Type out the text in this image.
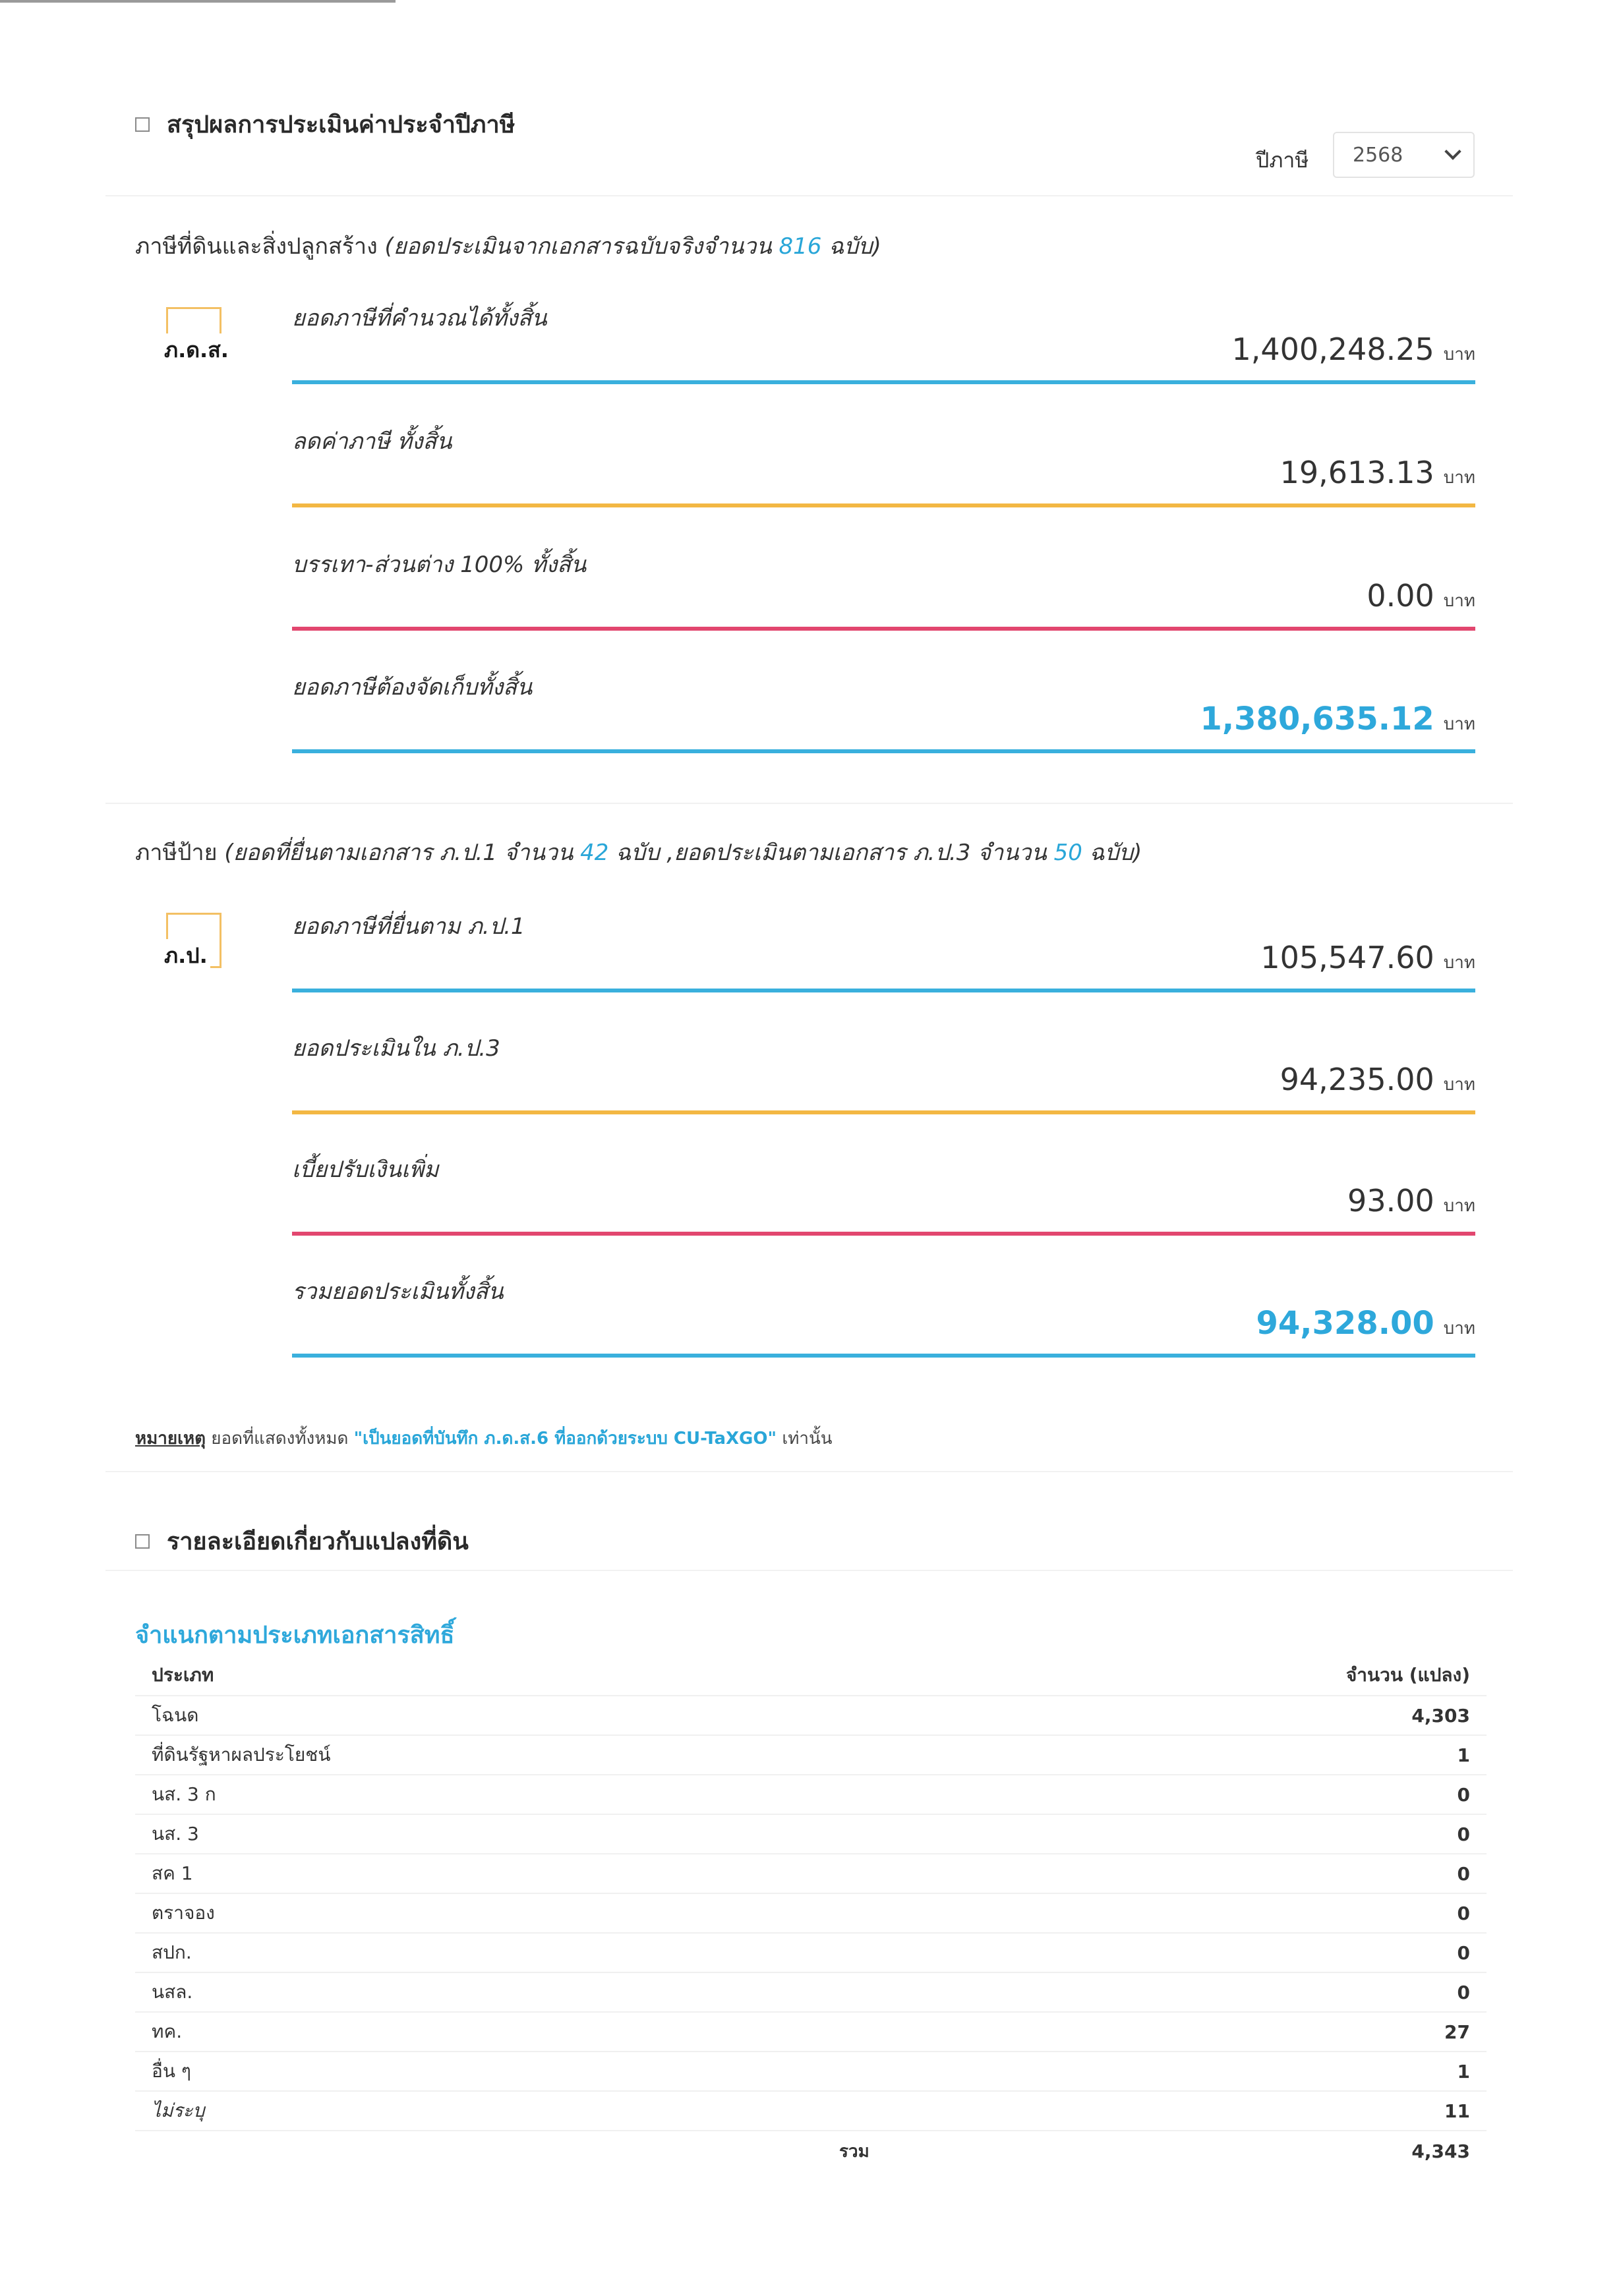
สรุปผลการประเมินค่าประจำปีภาษี
ปีภาษี 2568
ภาษีที่ดินและสิ่งปลูกสร้าง (ยอดประเมินจากเอกสารฉบับจริงจำนวน 816 ฉบับ)
ภ.ด.ส.
ยอดภาษีที่คำนวณได้ทั้งสิ้น
1,400,248.25 บาท
ลดค่าภาษี ทั้งสิ้น
19,613.13 บาท
บรรเทา-ส่วนต่าง 100% ทั้งสิ้น
0.00 บาท
ยอดภาษีต้องจัดเก็บทั้งสิ้น
1,380,635.12 บาท
ภาษีป้าย (ยอดที่ยื่นตามเอกสาร ภ.ป.1 จำนวน 42 ฉบับ ,ยอดประเมินตามเอกสาร ภ.ป.3 จำนวน 50 ฉบับ)
ภ.ป.
ยอดภาษีที่ยื่นตาม ภ.ป.1
105,547.60 บาท
ยอดประเมินใน ภ.ป.3
94,235.00 บาท
เบี้ยปรับเงินเพิ่ม
93.00 บาท
รวมยอดประเมินทั้งสิ้น
94,328.00 บาท
หมายเหตุ ยอดที่แสดงทั้งหมด "เป็นยอดที่บันทึก ภ.ด.ส.6 ที่ออกด้วยระบบ CU-TaXGO" เท่านั้น
รายละเอียดเกี่ยวกับแปลงที่ดิน
จำแนกตามประเภทเอกสารสิทธิ์
ประเภท	จำนวน (แปลง)
โฉนด	4,303
ที่ดินรัฐหาผลประโยชน์	1
นส. 3 ก	0
นส. 3	0
สค 1	0
ตราจอง	0
สปก.	0
นสล.	0
ทค.	27
อื่น ๆ	1
ไม่ระบุ	11
รวม	4,343
